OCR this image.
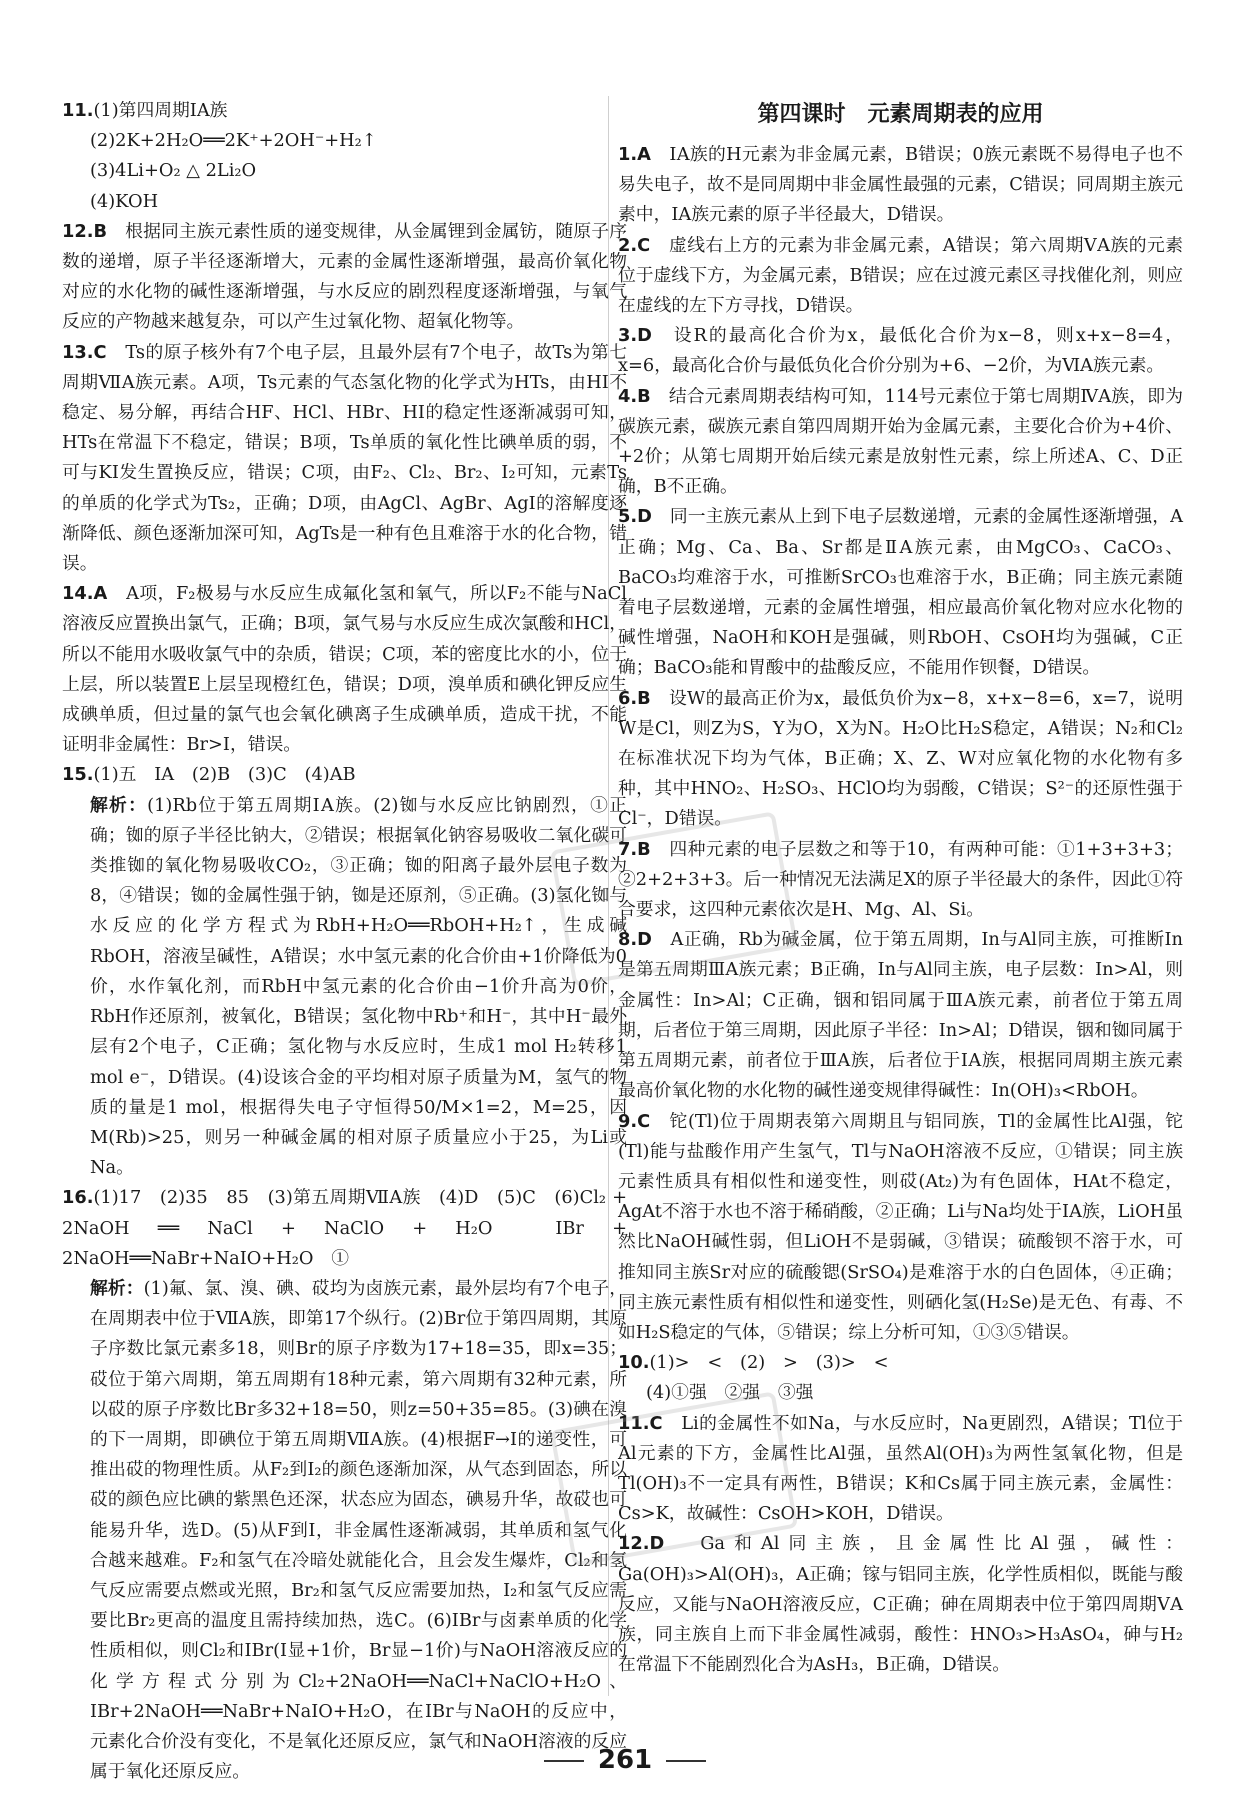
11.(1)第四周期ⅠA族

(2)2K+2H₂O══2K⁺+2OH⁻+H₂↑

(3)4Li+O₂ △ 2Li₂O

(4)KOH

12.B　 根据同主族元素性质的递变规律，从金属锂到金属钫，随原子序数的递增，原子半径逐渐增大，元素的金属性逐渐增强，最高价氧化物对应的水化物的碱性逐渐增强，与水反应的剧烈程度逐渐增强，与氧气反应的产物越来越复杂，可以产生过氧化物、超氧化物等。

13.C　 Ts的原子核外有7个电子层，且最外层有7个电子，故Ts为第七周期ⅦA族元素。A项，Ts元素的气态氢化物的化学式为HTs，由HI不稳定、易分解，再结合HF、HCl、HBr、HI的稳定性逐渐减弱可知，HTs在常温下不稳定，错误；B项，Ts单质的氧化性比碘单质的弱，不可与KI发生置换反应，错误；C项，由F₂、Cl₂、Br₂、I₂可知，元素Ts的单质的化学式为Ts₂，正确；D项，由AgCl、AgBr、AgI的溶解度逐渐降低、颜色逐渐加深可知，AgTs是一种有色且难溶于水的化合物，错误。

14.A　 A项，F₂极易与水反应生成氟化氢和氧气，所以F₂不能与NaCl溶液反应置换出氯气，正确；B项，氯气易与水反应生成次氯酸和HCl，所以不能用水吸收氯气中的杂质，错误；C项，苯的密度比水的小，位于上层，所以装置E上层呈现橙红色，错误；D项，溴单质和碘化钾反应生成碘单质，但过量的氯气也会氧化碘离子生成碘单质，造成干扰，不能证明非金属性：Br>I，错误。

15.(1)五　ⅠA　(2)B　(3)C　(4)AB

解析：(1)Rb位于第五周期ⅠA族。(2)铷与水反应比钠剧烈，①正确；铷的原子半径比钠大，②错误；根据氧化钠容易吸收二氧化碳可类推铷的氧化物易吸收CO₂，③正确；铷的阳离子最外层电子数为8，④错误；铷的金属性强于钠，铷是还原剂，⑤正确。(3)氢化铷与水反应的化学方程式为RbH+H₂O══RbOH+H₂↑，生成碱RbOH，溶液呈碱性，A错误；水中氢元素的化合价由+1价降低为0价，水作氧化剂，而RbH中氢元素的化合价由−1价升高为0价，RbH作还原剂，被氧化，B错误；氢化物中Rb⁺和H⁻，其中H⁻最外层有2个电子，C正确；氢化物与水反应时，生成1 mol H₂转移1 mol e⁻，D错误。(4)设该合金的平均相对原子质量为M，氢气的物质的量是1 mol，根据得失电子守恒得50/M×1=2，M=25，因M(Rb)>25，则另一种碱金属的相对原子质量应小于25，为Li或Na。

16.(1)17　(2)35　85　(3)第五周期ⅦA族　(4)D　(5)C　(6)Cl₂ + 2NaOH ══ NaCl + NaClO + H₂O　IBr + 2NaOH══NaBr+NaIO+H₂O　①

解析：(1)氟、氯、溴、碘、砹均为卤族元素，最外层均有7个电子，在周期表中位于ⅦA族，即第17个纵行。(2)Br位于第四周期，其原子序数比氯元素多18，则Br的原子序数为17+18=35，即x=35；砹位于第六周期，第五周期有18种元素，第六周期有32种元素，所以砹的原子序数比Br多32+18=50，则z=50+35=85。(3)碘在溴的下一周期，即碘位于第五周期ⅦA族。(4)根据F→I的递变性，可推出砹的物理性质。从F₂到I₂的颜色逐渐加深，从气态到固态，所以砹的颜色应比碘的紫黑色还深，状态应为固态，碘易升华，故砹也可能易升华，选D。(5)从F到I，非金属性逐渐减弱，其单质和氢气化合越来越难。F₂和氢气在冷暗处就能化合，且会发生爆炸，Cl₂和氢气反应需要点燃或光照，Br₂和氢气反应需要加热，I₂和氢气反应需要比Br₂更高的温度且需持续加热，选C。(6)IBr与卤素单质的化学性质相似，则Cl₂和IBr(I显+1价，Br显−1价)与NaOH溶液反应的化学方程式分别为Cl₂+2NaOH══NaCl+NaClO+H₂O、IBr+2NaOH══NaBr+NaIO+H₂O，在IBr与NaOH的反应中，元素化合价没有变化，不是氧化还原反应，氯气和NaOH溶液的反应属于氧化还原反应。

第四课时　元素周期表的应用

1.A　 ⅠA族的H元素为非金属元素，B错误；0族元素既不易得电子也不易失电子，故不是同周期中非金属性最强的元素，C错误；同周期主族元素中，ⅠA族元素的原子半径最大，D错误。

2.C　 虚线右上方的元素为非金属元素，A错误；第六周期ⅤA族的元素位于虚线下方，为金属元素，B错误；应在过渡元素区寻找催化剂，则应在虚线的左下方寻找，D错误。

3.D　 设R的最高化合价为x，最低化合价为x−8，则x+x−8=4，x=6，最高化合价与最低负化合价分别为+6、−2价，为ⅥA族元素。

4.B　 结合元素周期表结构可知，114号元素位于第七周期ⅣA族，即为碳族元素，碳族元素自第四周期开始为金属元素，主要化合价为+4价、+2价；从第七周期开始后续元素是放射性元素，综上所述A、C、D正确，B不正确。

5.D　 同一主族元素从上到下电子层数递增，元素的金属性逐渐增强，A正确；Mg、Ca、Ba、Sr都是ⅡA族元素，由MgCO₃、CaCO₃、BaCO₃均难溶于水，可推断SrCO₃也难溶于水，B正确；同主族元素随着电子层数递增，元素的金属性增强，相应最高价氧化物对应水化物的碱性增强，NaOH和KOH是强碱，则RbOH、CsOH均为强碱，C正确；BaCO₃能和胃酸中的盐酸反应，不能用作钡餐，D错误。

6.B　 设W的最高正价为x，最低负价为x−8，x+x−8=6，x=7，说明W是Cl，则Z为S，Y为O，X为N。H₂O比H₂S稳定，A错误；N₂和Cl₂在标准状况下均为气体，B正确；X、Z、W对应氧化物的水化物有多种，其中HNO₂、H₂SO₃、HClO均为弱酸，C错误；S²⁻的还原性强于Cl⁻，D错误。

7.B　 四种元素的电子层数之和等于10，有两种可能：①1+3+3+3；②2+2+3+3。后一种情况无法满足X的原子半径最大的条件，因此①符合要求，这四种元素依次是H、Mg、Al、Si。

8.D　 A正确，Rb为碱金属，位于第五周期，In与Al同主族，可推断In是第五周期ⅢA族元素；B正确，In与Al同主族，电子层数：In>Al，则金属性：In>Al；C正确，铟和铝同属于ⅢA族元素，前者位于第五周期，后者位于第三周期，因此原子半径：In>Al；D错误，铟和铷同属于第五周期元素，前者位于ⅢA族，后者位于ⅠA族，根据同周期主族元素最高价氧化物的水化物的碱性递变规律得碱性：In(OH)₃<RbOH。

9.C　 铊(Tl)位于周期表第六周期且与铝同族，Tl的金属性比Al强，铊(Tl)能与盐酸作用产生氢气，Tl与NaOH溶液不反应，①错误；同主族元素性质具有相似性和递变性，则砹(At₂)为有色固体，HAt不稳定，AgAt不溶于水也不溶于稀硝酸，②正确；Li与Na均处于ⅠA族，LiOH虽然比NaOH碱性弱，但LiOH不是弱碱，③错误；硫酸钡不溶于水，可推知同主族Sr对应的硫酸锶(SrSO₄)是难溶于水的白色固体，④正确；同主族元素性质有相似性和递变性，则硒化氢(H₂Se)是无色、有毒、不如H₂S稳定的气体，⑤错误；综上分析可知，①③⑤错误。

10.(1)>　<　(2)　>　(3)>　<

(4)①强　②强　③强

11.C　 Li的金属性不如Na，与水反应时，Na更剧烈，A错误；Tl位于Al元素的下方，金属性比Al强，虽然Al(OH)₃为两性氢氧化物，但是Tl(OH)₃不一定具有两性，B错误；K和Cs属于同主族元素，金属性：Cs>K，故碱性：CsOH>KOH，D错误。

12.D　 Ga和Al同主族，且金属性比Al强，碱性：Ga(OH)₃>Al(OH)₃，A正确；镓与铝同主族，化学性质相似，既能与酸反应，又能与NaOH溶液反应，C正确；砷在周期表中位于第四周期ⅤA族，同主族自上而下非金属性减弱，酸性：HNO₃>H₃AsO₄，砷与H₂在常温下不能剧烈化合为AsH₃，B正确，D错误。

261
